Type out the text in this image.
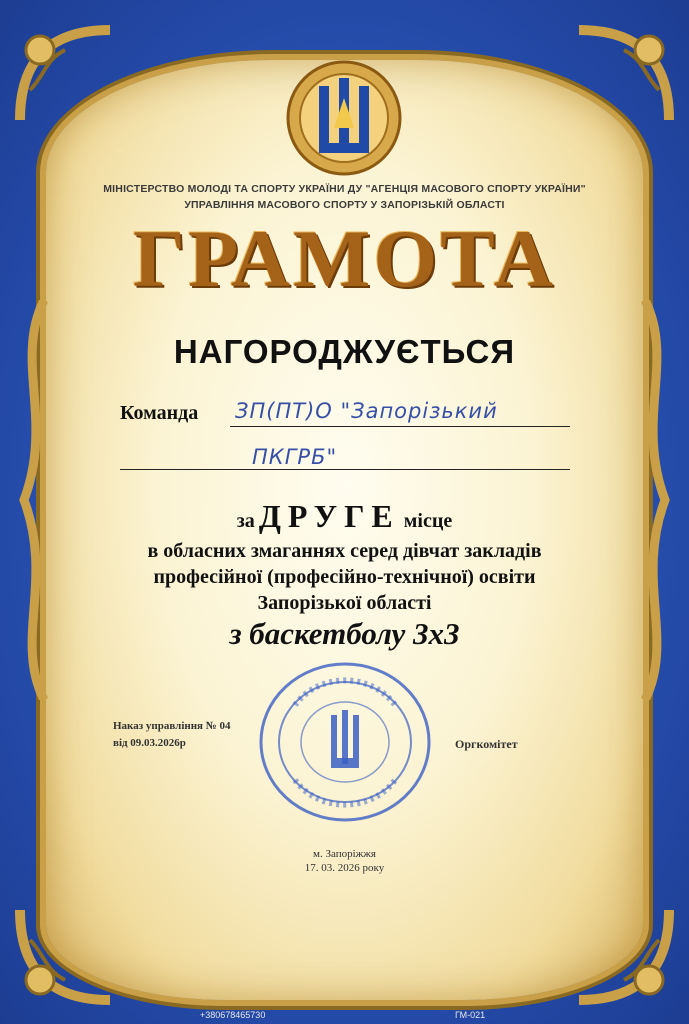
МІНІСТЕРСТВО МОЛОДІ ТА СПОРТУ УКРАЇНИ ДУ "АГЕНЦІЯ МАСОВОГО СПОРТУ УКРАЇНИ"
УПРАВЛІННЯ МАСОВОГО СПОРТУ У ЗАПОРІЗЬКІЙ ОБЛАСТІ
ГРАМОТА
НАГОРОДЖУЄТЬСЯ
Команда ЗП(ПТ)О "Запорізький
ПКГРБ"
за ДРУГЕ місце
в обласних змаганнях серед дівчат закладів
професійної (професійно-технічної) освіти
Запорізької області
з баскетболу 3х3
Наказ управління № 04
від 09.03.2026р	Оргкомітет
м. Запоріжжя
17. 03. 2026 року
+380678465730	ГМ-021
